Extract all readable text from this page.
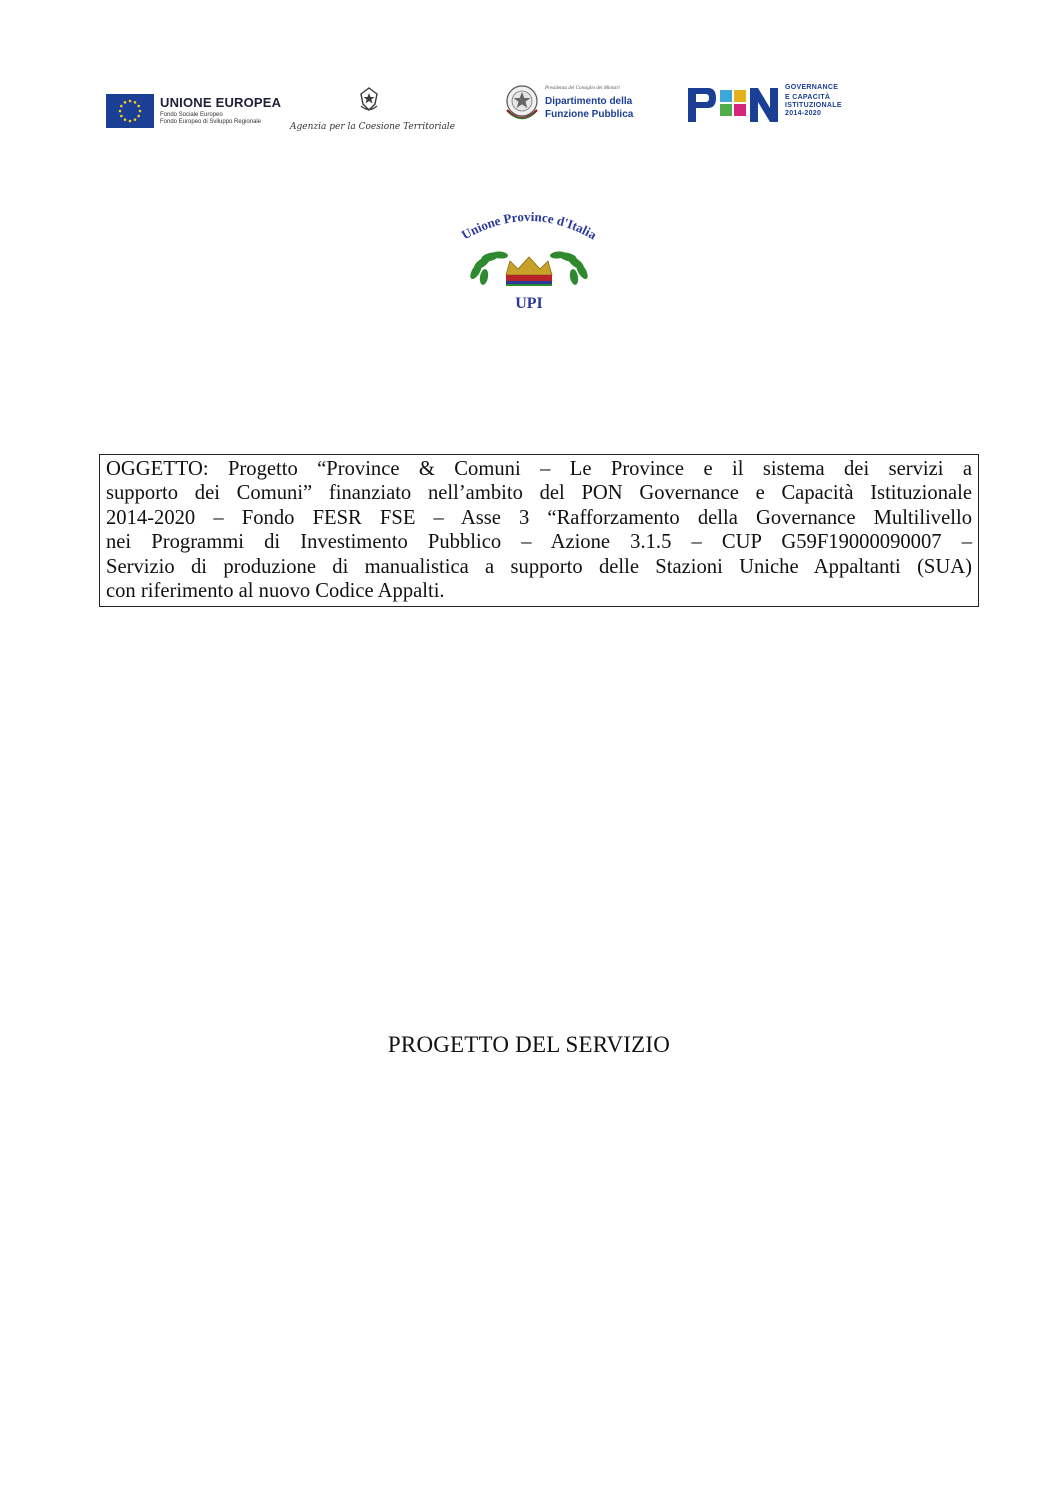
UNIONE EUROPEA
Fondo Sociale Europeo
Fondo Europeo di Sviluppo Regionale	Agenzia per la Coesione Territoriale
Presidenza del Consiglio dei Ministri
Dipartimento della
Funzione Pubblica
GOVERNANCE
E CAPACITÀ
ISTITUZIONALE
2014-2020
Unione Province d'Italia
UPI
OGGETTO: Progetto “Province & Comuni – Le Province e il sistema dei servizi a
supporto dei Comuni” finanziato nell’ambito del PON Governance e Capacità Istituzionale
2014-2020 – Fondo FESR FSE – Asse 3 “Rafforzamento della Governance Multilivello
nei Programmi di Investimento Pubblico – Azione 3.1.5 – CUP G59F19000090007 –
Servizio di produzione di manualistica a supporto delle Stazioni Uniche Appaltanti (SUA)
con riferimento al nuovo Codice Appalti.
PROGETTO DEL SERVIZIO
